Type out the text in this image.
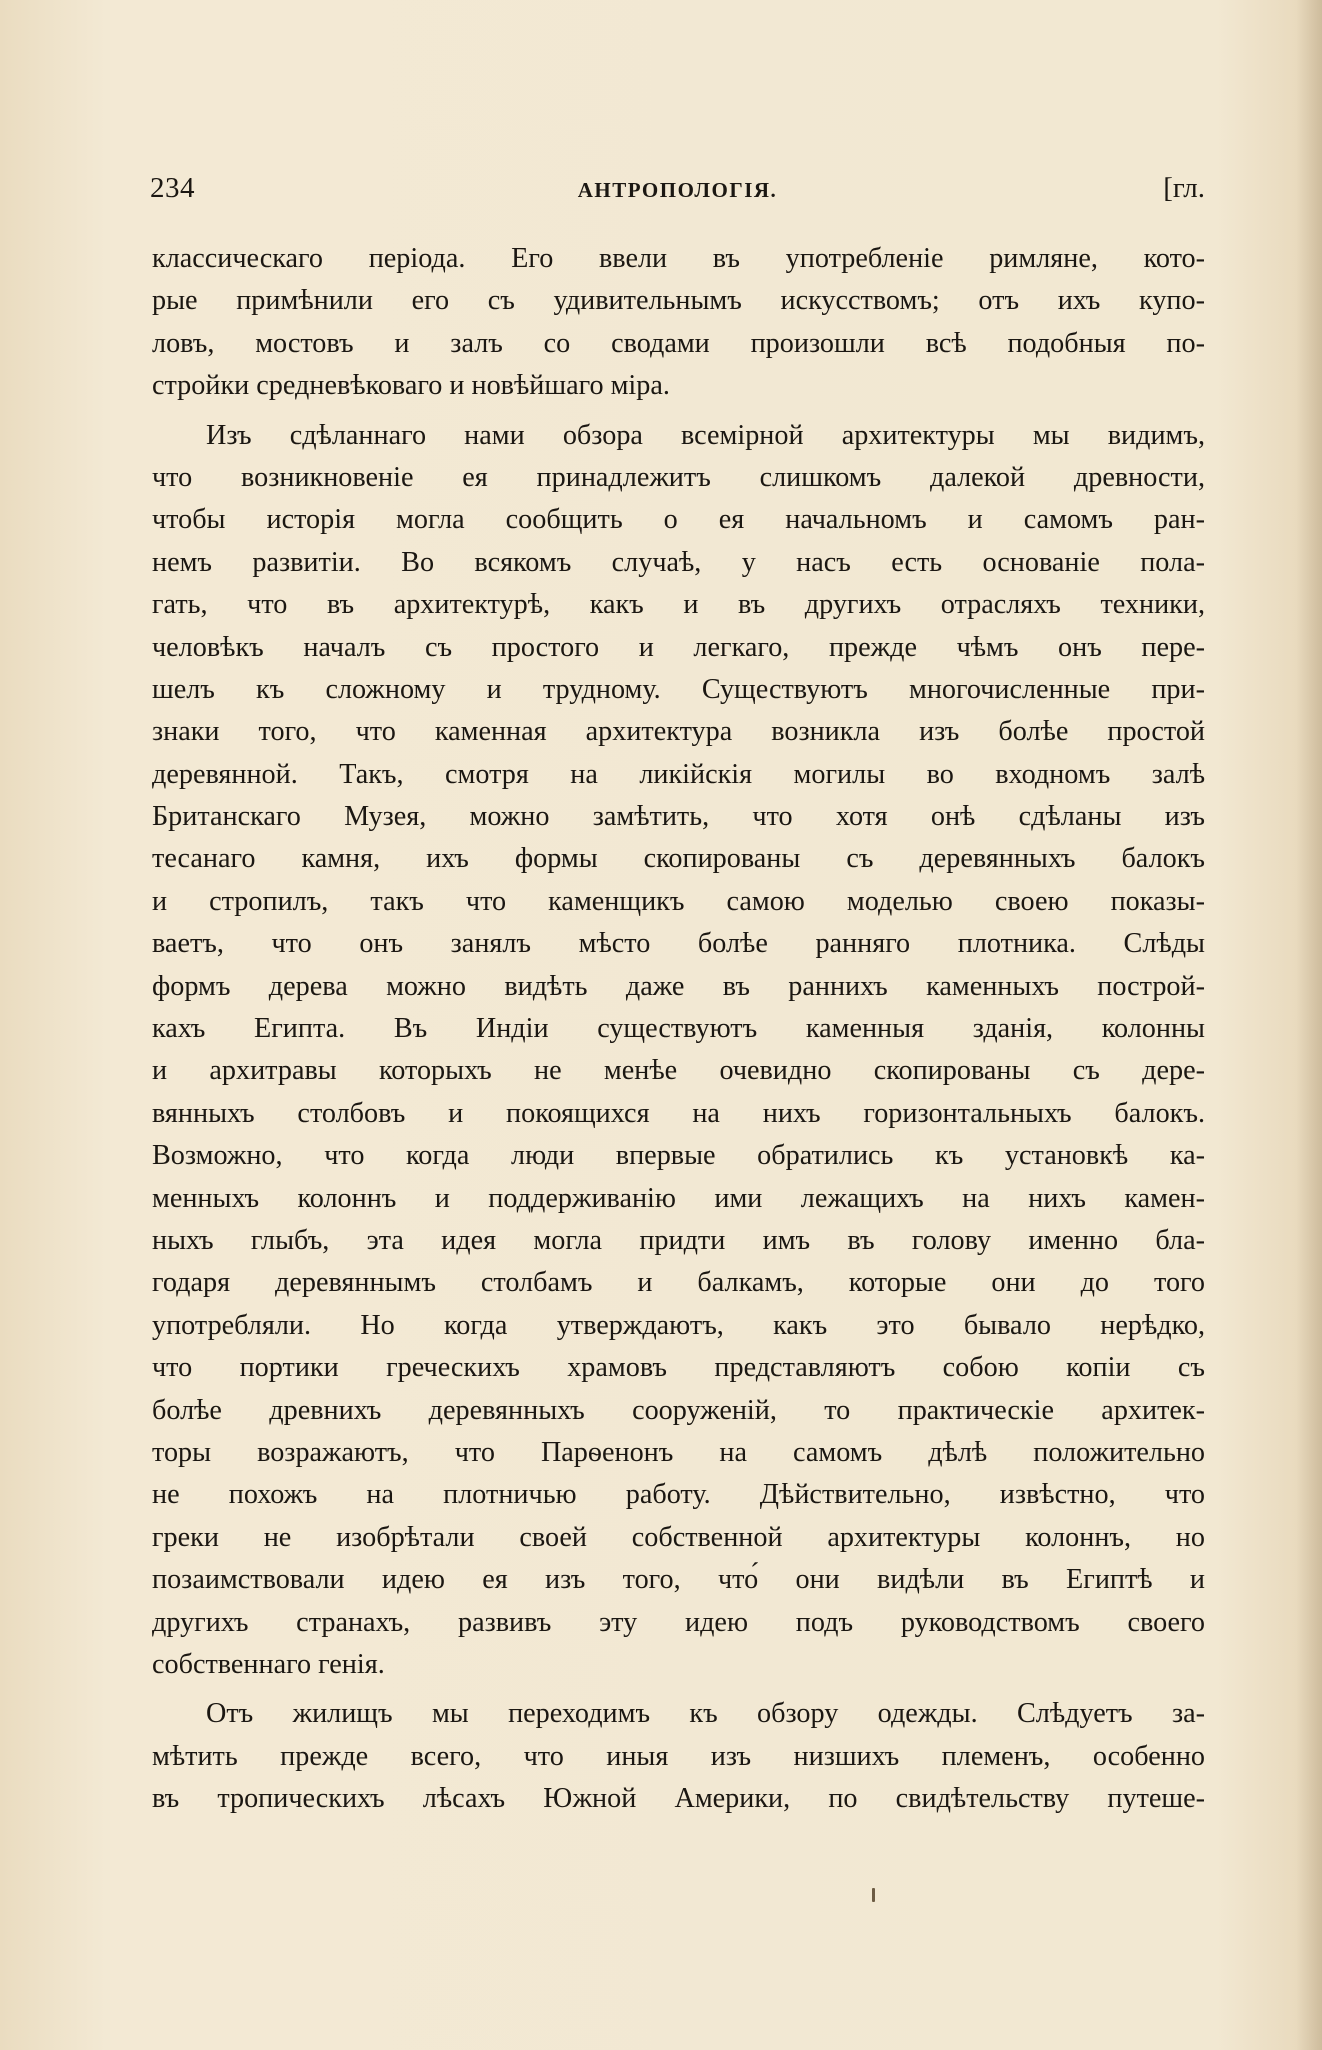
234	АНТРОПОЛОГІЯ.	[гл.
классическаго періода. Его ввели въ употребленіе римляне, кото-
рые примѣнили его съ удивительнымъ искусствомъ; отъ ихъ купо-
ловъ, мостовъ и залъ со сводами произошли всѣ подобныя по-
стройки средневѣковаго и новѣйшаго міра.
Изъ сдѣланнаго нами обзора всемірной архитектуры мы видимъ,
что возникновеніе ея принадлежитъ слишкомъ далекой древности,
чтобы исторія могла сообщить о ея начальномъ и самомъ ран-
немъ развитіи. Во всякомъ случаѣ, у насъ есть основаніе пола-
гать, что въ архитектурѣ, какъ и въ другихъ отрасляхъ техники,
человѣкъ началъ съ простого и легкаго, прежде чѣмъ онъ пере-
шелъ къ сложному и трудному. Существуютъ многочисленные при-
знаки того, что каменная архитектура возникла изъ болѣе простой
деревянной. Такъ, смотря на ликійскія могилы во входномъ залѣ
Британскаго Музея, можно замѣтить, что хотя онѣ сдѣланы изъ
тесанаго камня, ихъ формы скопированы съ деревянныхъ балокъ
и стропилъ, такъ что каменщикъ самою моделью своею показы-
ваетъ, что онъ занялъ мѣсто болѣе ранняго плотника. Слѣды
формъ дерева можно видѣть даже въ раннихъ каменныхъ построй-
кахъ Египта. Въ Индіи существуютъ каменныя зданія, колонны
и архитравы которыхъ не менѣе очевидно скопированы съ дере-
вянныхъ столбовъ и покоящихся на нихъ горизонтальныхъ балокъ.
Возможно, что когда люди впервые обратились къ установкѣ ка-
менныхъ колоннъ и поддерживанію ими лежащихъ на нихъ камен-
ныхъ глыбъ, эта идея могла придти имъ въ голову именно бла-
годаря деревяннымъ столбамъ и балкамъ, которые они до того
употребляли. Но когда утверждаютъ, какъ это бывало нерѣдко,
что портики греческихъ храмовъ представляютъ собою копіи съ
болѣе древнихъ деревянныхъ сооруженій, то практическіе архитек-
торы возражаютъ, что Парѳенонъ на самомъ дѣлѣ положительно
не похожъ на плотничью работу. Дѣйствительно, извѣстно, что
греки не изобрѣтали своей собственной архитектуры колоннъ, но
позаимствовали идею ея изъ того, что́ они видѣли въ Египтѣ и
другихъ странахъ, развивъ эту идею подъ руководствомъ своего
собственнаго генія.
Отъ жилищъ мы переходимъ къ обзору одежды. Слѣдуетъ за-
мѣтить прежде всего, что иныя изъ низшихъ племенъ, особенно
въ тропическихъ лѣсахъ Южной Америки, по свидѣтельству путеше-
